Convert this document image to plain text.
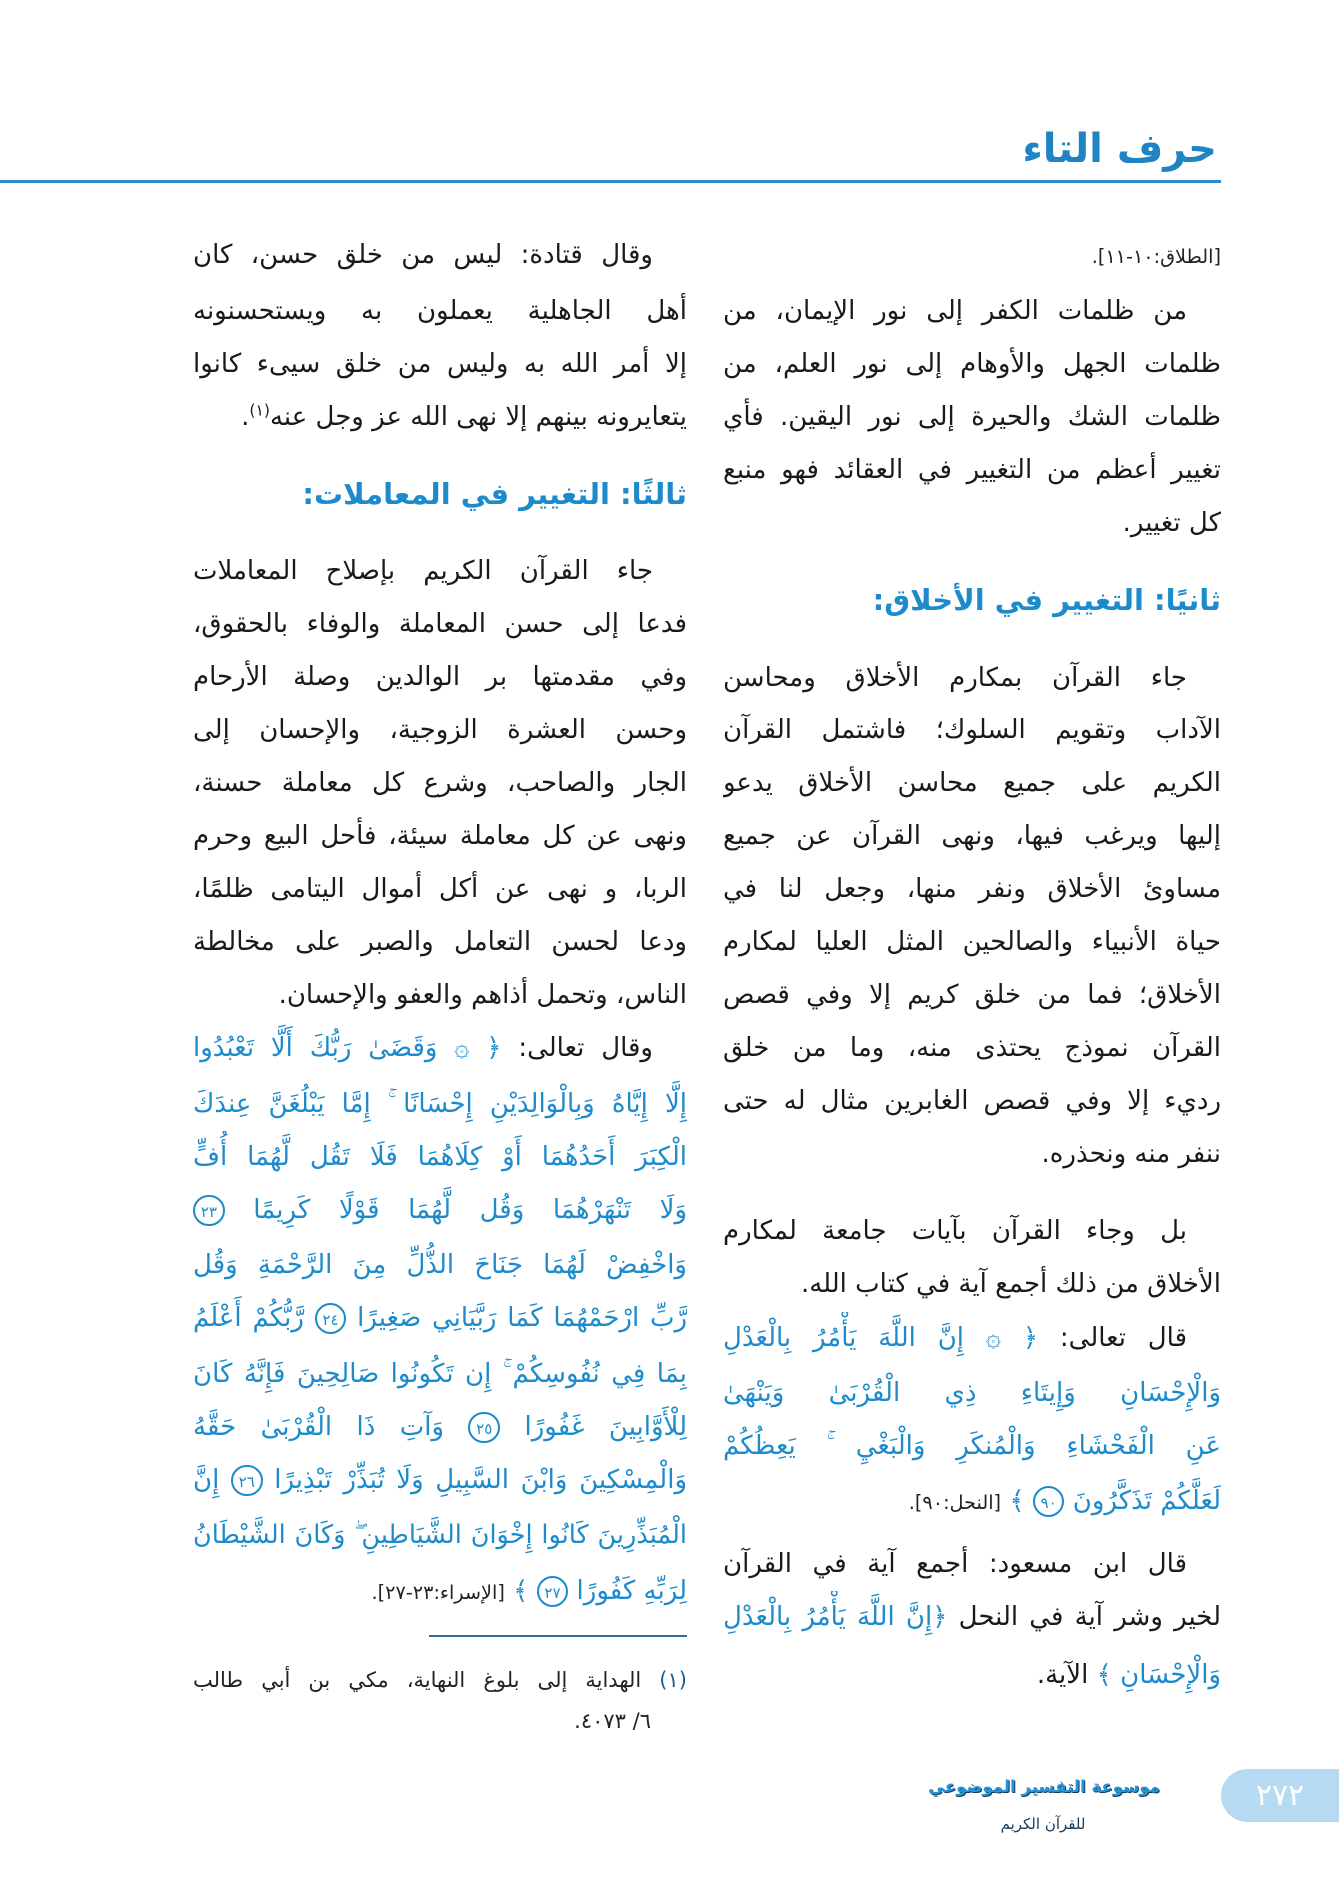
حرف التاء
[الطلاق:١٠-١١].
من ظلمات الكفر إلى نور الإيمان، من
ظلمات الجهل والأوهام إلى نور العلم، من
ظلمات الشك والحيرة إلى نور اليقين. فأي
تغيير أعظم من التغيير في العقائد فهو منبع
كل تغيير.
ثانيًا: التغيير في الأخلاق:
جاء القرآن بمكارم الأخلاق ومحاسن
الآداب وتقويم السلوك؛ فاشتمل القرآن
الكريم على جميع محاسن الأخلاق يدعو
إليها ويرغب فيها، ونهى القرآن عن جميع
مساوئ الأخلاق ونفر منها، وجعل لنا في
حياة الأنبياء والصالحين المثل العليا لمكارم
الأخلاق؛ فما من خلق كريم إلا وفي قصص
القرآن نموذج يحتذى منه، وما من خلق
رديء إلا وفي قصص الغابرين مثال له حتى
ننفر منه ونحذره.
بل وجاء القرآن بآيات جامعة لمكارم
الأخلاق من ذلك أجمع آية في كتاب الله.
قال تعالى: ﴿ ۞ إِنَّ اللَّهَ يَأْمُرُ بِالْعَدْلِ
وَالْإِحْسَانِ وَإِيتَاءِ ذِي الْقُرْبَىٰ وَيَنْهَىٰ
عَنِ الْفَحْشَاءِ وَالْمُنكَرِ وَالْبَغْيِ ۚ يَعِظُكُمْ
لَعَلَّكُمْ تَذَكَّرُونَ ٩٠ ﴾ [النحل:٩٠].
قال ابن مسعود: أجمع آية في القرآن
لخير وشر آية في النحل ﴿إِنَّ اللَّهَ يَأْمُرُ بِالْعَدْلِ
وَالْإِحْسَانِ ﴾ الآية.
وقال قتادة: ليس من خلق حسن، كان
أهل الجاهلية يعملون به ويستحسنونه
إلا أمر الله به وليس من خلق سيىء كانوا
يتعايرونه بينهم إلا نهى الله عز وجل عنه$^{(١)}$.
ثالثًا: التغيير في المعاملات:
جاء القرآن الكريم بإصلاح المعاملات
فدعا إلى حسن المعاملة والوفاء بالحقوق،
وفي مقدمتها بر الوالدين وصلة الأرحام
وحسن العشرة الزوجية، والإحسان إلى
الجار والصاحب، وشرع كل معاملة حسنة،
ونهى عن كل معاملة سيئة، فأحل البيع وحرم
الربا، و نهى عن أكل أموال اليتامى ظلمًا،
ودعا لحسن التعامل والصبر على مخالطة
الناس، وتحمل أذاهم والعفو والإحسان.
وقال تعالى: ﴿ ۞ وَقَضَىٰ رَبُّكَ أَلَّا تَعْبُدُوا
إِلَّا إِيَّاهُ وَبِالْوَالِدَيْنِ إِحْسَانًا ۚ إِمَّا يَبْلُغَنَّ عِندَكَ
الْكِبَرَ أَحَدُهُمَا أَوْ كِلَاهُمَا فَلَا تَقُل لَّهُمَا أُفٍّ
وَلَا تَنْهَرْهُمَا وَقُل لَّهُمَا قَوْلًا كَرِيمًا ٢٣
وَاخْفِضْ لَهُمَا جَنَاحَ الذُّلِّ مِنَ الرَّحْمَةِ وَقُل
رَّبِّ ارْحَمْهُمَا كَمَا رَبَّيَانِي صَغِيرًا ٢٤ رَّبُّكُمْ أَعْلَمُ
بِمَا فِي نُفُوسِكُمْ ۚ إِن تَكُونُوا صَالِحِينَ فَإِنَّهُ كَانَ
لِلْأَوَّابِينَ غَفُورًا ٢٥ وَآتِ ذَا الْقُرْبَىٰ حَقَّهُ
وَالْمِسْكِينَ وَابْنَ السَّبِيلِ وَلَا تُبَذِّرْ تَبْذِيرًا ٢٦ إِنَّ
الْمُبَذِّرِينَ كَانُوا إِخْوَانَ الشَّيَاطِينِ ۖ وَكَانَ الشَّيْطَانُ
لِرَبِّهِ كَفُورًا ٢٧ ﴾ [الإسراء:٢٣-٢٧].
(١) الهداية إلى بلوغ النهاية، مكي بن أبي طالب
٦/ ٤٠٧٣.
موسوعة التفسير الموضوعي
للقرآن الكريم
٢٧٢
